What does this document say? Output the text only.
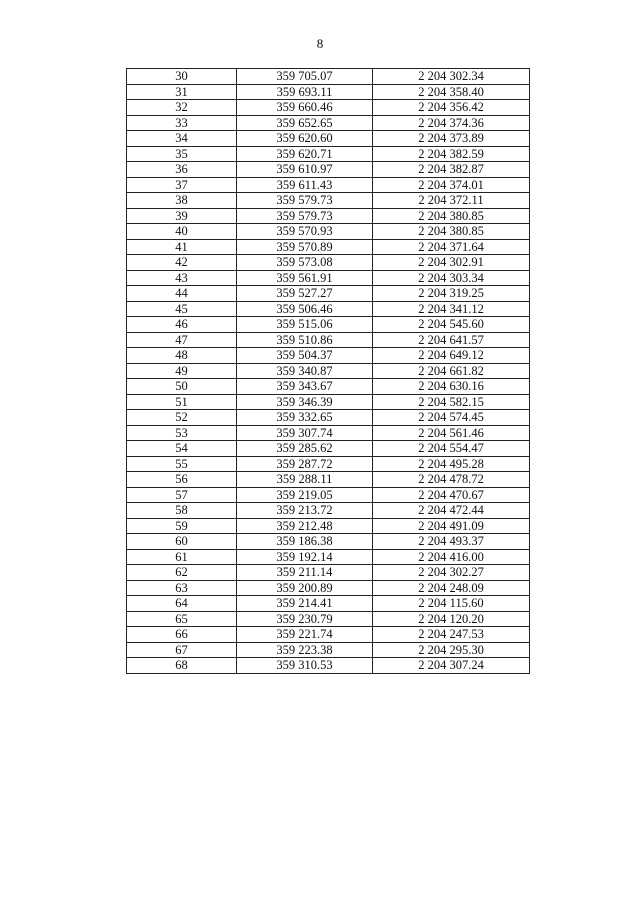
8
30	359 705.07	2 204 302.34
31	359 693.11	2 204 358.40
32	359 660.46	2 204 356.42
33	359 652.65	2 204 374.36
34	359 620.60	2 204 373.89
35	359 620.71	2 204 382.59
36	359 610.97	2 204 382.87
37	359 611.43	2 204 374.01
38	359 579.73	2 204 372.11
39	359 579.73	2 204 380.85
40	359 570.93	2 204 380.85
41	359 570.89	2 204 371.64
42	359 573.08	2 204 302.91
43	359 561.91	2 204 303.34
44	359 527.27	2 204 319.25
45	359 506.46	2 204 341.12
46	359 515.06	2 204 545.60
47	359 510.86	2 204 641.57
48	359 504.37	2 204 649.12
49	359 340.87	2 204 661.82
50	359 343.67	2 204 630.16
51	359 346.39	2 204 582.15
52	359 332.65	2 204 574.45
53	359 307.74	2 204 561.46
54	359 285.62	2 204 554.47
55	359 287.72	2 204 495.28
56	359 288.11	2 204 478.72
57	359 219.05	2 204 470.67
58	359 213.72	2 204 472.44
59	359 212.48	2 204 491.09
60	359 186.38	2 204 493.37
61	359 192.14	2 204 416.00
62	359 211.14	2 204 302.27
63	359 200.89	2 204 248.09
64	359 214.41	2 204 115.60
65	359 230.79	2 204 120.20
66	359 221.74	2 204 247.53
67	359 223.38	2 204 295.30
68	359 310.53	2 204 307.24
